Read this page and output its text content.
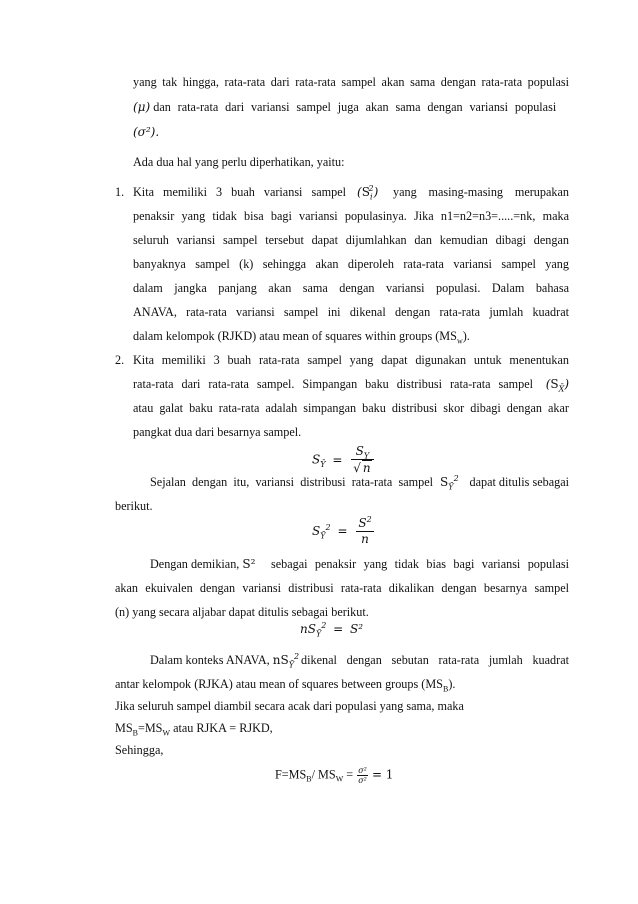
yang tak hingga, rata-rata dari rata-rata sampel akan sama dengan rata-rata populasi
(μ) dan rata-rata dari variansi sampel juga akan sama dengan variansi populasi
(σ²).
Ada dua hal yang perlu diperhatikan, yaitu:
1. Kita memiliki 3 buah variansi sampel $(S_i^2)$ yang masing-masing merupakan
penaksir yang tidak bisa bagi variansi populasinya. Jika n1=n2=n3=.....=nk, maka
seluruh variansi sampel tersebut dapat dijumlahkan dan kemudian dibagi dengan
banyaknya sampel (k) sehingga akan diperoleh rata-rata variansi sampel yang
dalam jangka panjang akan sama dengan variansi populasi. Dalam bahasa
ANAVA, rata-rata variansi sampel ini dikenal dengan rata-rata jumlah kuadrat
dalam kelompok (RJKD) atau mean of squares within groups $(MS_w)$.
2. Kita memiliki 3 buah rata-rata sampel yang dapat digunakan untuk menentukan
rata-rata dari rata-rata sampel. Simpangan baku distribusi rata-rata sampel $(S_{X̄})$
atau galat baku rata-rata adalah simpangan baku distribusi skor dibagi dengan akar
pangkat dua dari besarnya sampel.
$S_Ȳ = \frac{S_Y}{√ n}$
Sejalan dengan itu, variansi distribusi rata-rata sampel $S_Ȳ^2$ dapat ditulis sebagai
berikut.
$S_Ȳ^2 = \frac{S^2}{n}$
Dengan demikian, S² sebagai penaksir yang tidak bias bagi variansi populasi
akan ekuivalen dengan variansi distribusi rata-rata dikalikan dengan besarnya sampel
(n) yang secara aljabar dapat ditulis sebagai berikut.
$nS_Ȳ^2 = S^2$
Dalam konteks ANAVA, $nS_Ȳ^2$ dikenal dengan sebutan rata-rata jumlah kuadrat
antar kelompok (RJKA) atau mean of squares between groups $(MS_B)$.
Jika seluruh sampel diambil secara acak dari populasi yang sama, maka
$MS_B=MS_W$ atau RJKA = RJKD,
Sehingga,
$F=MS_B/$ $MS_W = \frac{\text{σ²}}{\text{σ²}} = 1$
